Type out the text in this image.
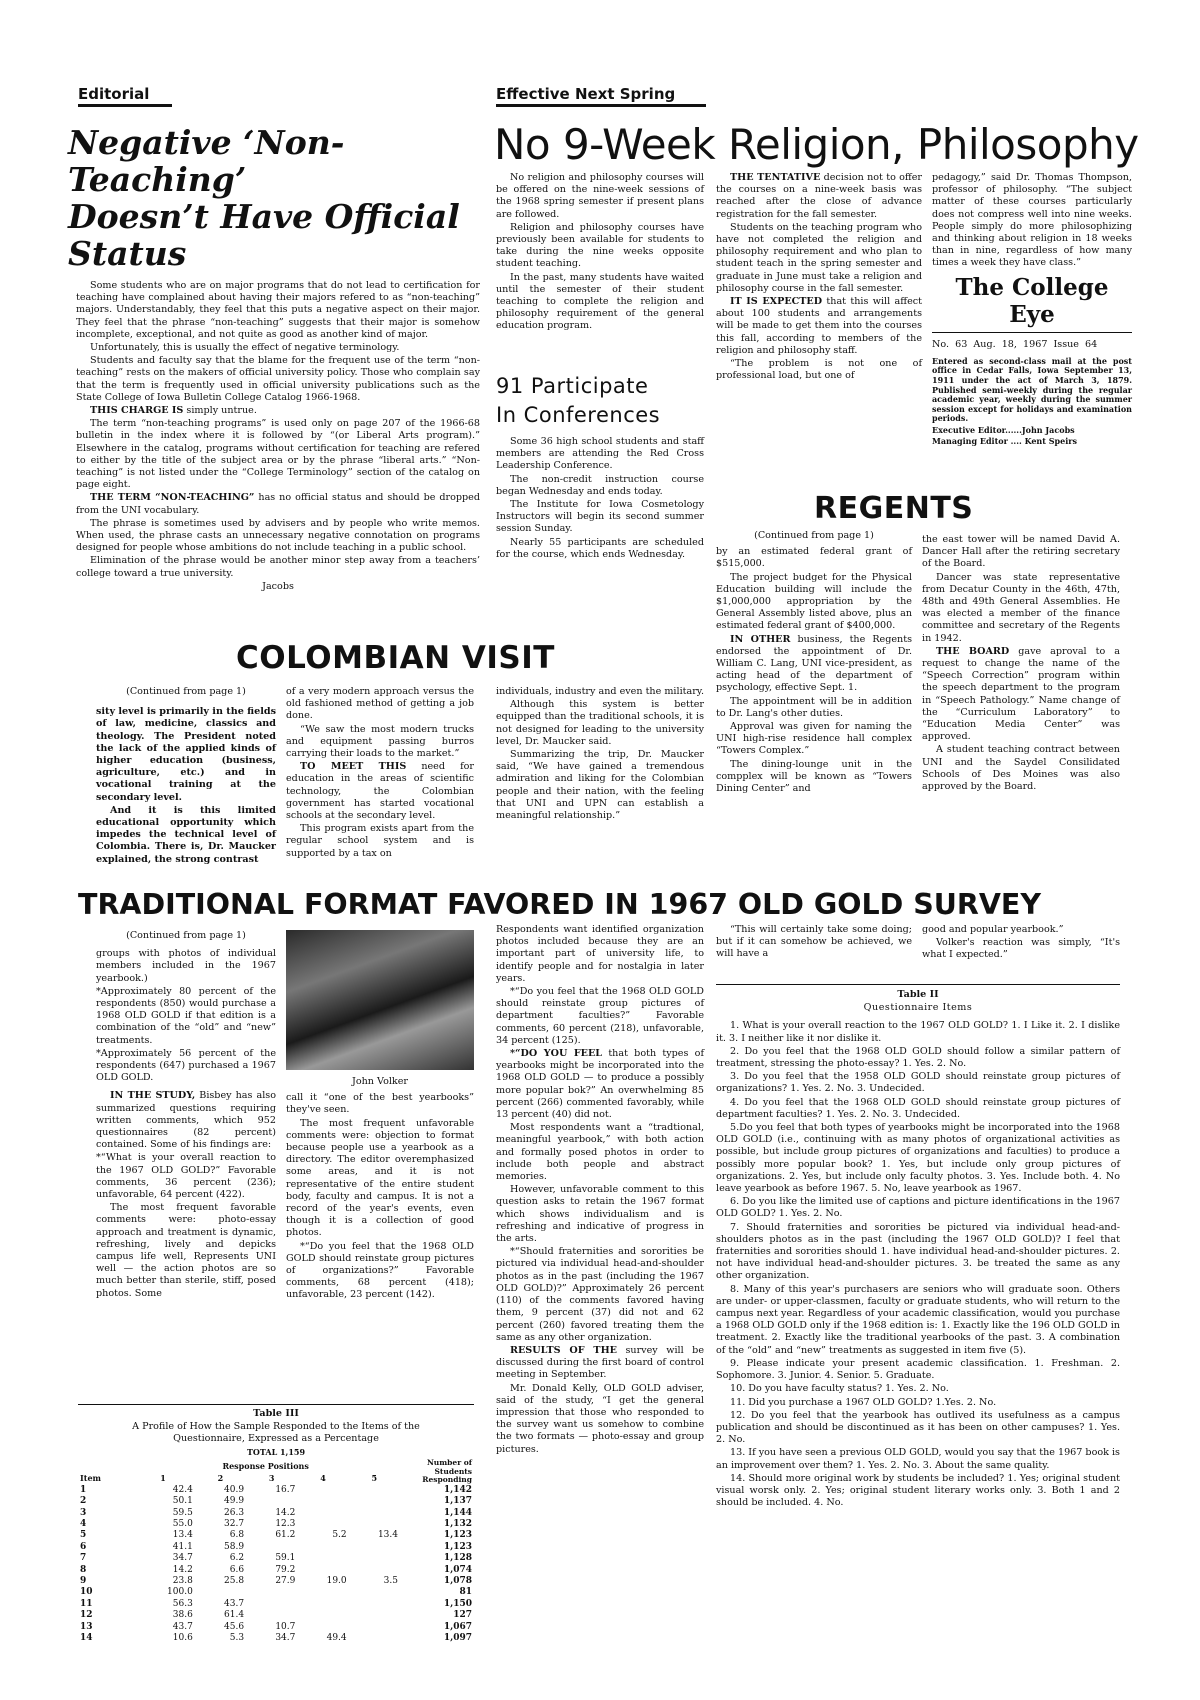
Editorial
Negative ‘Non-Teaching’
Doesn’t Have Official Status

Some students who are on major programs that do not lead to certification for teaching have complained about having their majors refered to as “non-teaching” majors. Understandably, they feel that this puts a negative aspect on their major. They feel that the phrase “non-teaching” suggests that their major is somehow incomplete, exceptional, and not quite as good as another kind of major.

Unfortunately, this is usually the effect of negative terminology.

Students and faculty say that the blame for the frequent use of the term “non-teaching” rests on the makers of official university policy. Those who complain say that the term is frequently used in official university publications such as the State College of Iowa Bulletin College Catalog 1966-1968.

THIS CHARGE IS simply untrue.

The term “non-teaching programs” is used only on page 207 of the 1966-68 bulletin in the index where it is followed by “(or Liberal Arts program).” Elsewhere in the catalog, programs without certification for teaching are refered to either by the title of the subject area or by the phrase “liberal arts.” “Non-teaching” is not listed under the “College Terminology” section of the catalog on page eight.

THE TERM “NON-TEACHING” has no official status and should be dropped from the UNI vocabulary.

The phrase is sometimes used by advisers and by people who write memos. When used, the phrase casts an unnecessary negative connotation on programs designed for people whose ambitions do not include teaching in a public school.

Elimination of the phrase would be another minor step away from a teachers’ college toward a true university.

Jacobs

Effective Next Spring
No 9-Week Religion, Philosophy

No religion and philosophy courses will be offered on the nine-week sessions of the 1968 spring semester if present plans are followed.

Religion and philosophy courses have previously been available for students to take during the nine weeks opposite student teaching.

In the past, many students have waited until the semester of their student teaching to complete the religion and philosophy requirement of the general education program.

THE TENTATIVE decision not to offer the courses on a nine-week basis was reached after the close of advance registration for the fall semester.

Students on the teaching program who have not completed the religion and philosophy requirement and who plan to student teach in the spring semester and graduate in June must take a religion and philosophy course in the fall semester.

IT IS EXPECTED that this will affect about 100 students and arrangements will be made to get them into the courses this fall, according to members of the religion and philosophy staff.

“The problem is not one of professional load, but one of

pedagogy,” said Dr. Thomas Thompson, professor of philosophy. “The subject matter of these courses particularly does not compress well into nine weeks. People simply do more philosophizing and thinking about religion in 18 weeks than in nine, regardless of how many times a week they have class.”

The College Eye

No. 63 Aug. 18, 1967 Issue 64

Entered as second-class mail at the post office in Cedar Falls, Iowa September 13, 1911 under the act of March 3, 1879. Published semi-weekly during the regular academic year, weekly during the summer session except for holidays and examination periods.

Executive Editor......John Jacobs

Managing Editor .... Kent Speirs

91 Participate
In Conferences

Some 36 high school students and staff members are attending the Red Cross Leadership Conference.

The non-credit instruction course began Wednesday and ends today.

The Institute for Iowa Cosmetology Instructors will begin its second summer session Sunday.

Nearly 55 participants are scheduled for the course, which ends Wednesday.

REGENTS

(Continued from page 1)

by an estimated federal grant of $515,000.

The project budget for the Physical Education building will include the $1,000,000 appropriation by the General Assembly listed above, plus an estimated federal grant of $400,000.

IN OTHER business, the Regents endorsed the appointment of Dr. William C. Lang, UNI vice-president, as acting head of the department of psychology, effective Sept. 1.

The appointment will be in addition to Dr. Lang's other duties.

Approval was given for naming the UNI high-rise residence hall complex “Towers Complex.”

The dining-lounge unit in the compplex will be known as “Towers Dining Center” and

the east tower will be named David A. Dancer Hall after the retiring secretary of the Board.

Dancer was state representative from Decatur County in the 46th, 47th, 48th and 49th General Assemblies. He was elected a member of the finance committee and secretary of the Regents in 1942.

THE BOARD gave aproval to a request to change the name of the “Speech Correction” program within the speech department to the program in “Speech Pathology.” Name change of the “Curriculum Laboratory” to “Education Media Center” was approved.

A student teaching contract between UNI and the Saydel Consilidated Schools of Des Moines was also approved by the Board.

COLOMBIAN VISIT

(Continued from page 1)

sity level is primarily in the fields of law, medicine, classics and theology. The President noted the lack of the applied kinds of higher education (business, agriculture, etc.) and in vocational training at the secondary level.

And it is this limited educational opportunity which impedes the technical level of Colombia. There is, Dr. Maucker explained, the strong contrast

of a very modern approach versus the old fashioned method of getting a job done.

“We saw the most modern trucks and equipment passing burros carrying their loads to the market.”

TO MEET THIS need for education in the areas of scientific technology, the Colombian government has started vocational schools at the secondary level.

This program exists apart from the regular school system and is supported by a tax on

individuals, industry and even the military.

Although this system is better equipped than the traditional schools, it is not designed for leading to the university level, Dr. Maucker said.

Summarizing the trip, Dr. Maucker said, “We have gained a tremendous admiration and liking for the Colombian people and their nation, with the feeling that UNI and UPN can establish a meaningful relationship.”

TRADITIONAL FORMAT FAVORED IN 1967 OLD GOLD SURVEY

(Continued from page 1)

groups with photos of individual members included in the 1967 yearbook.)

*Approximately 80 percent of the respondents (850) would purchase a 1968 OLD GOLD if that edition is a combination of the “old” and “new” treatments.

*Approximately 56 percent of the respondents (647) purchased a 1967 OLD GOLD.

IN THE STUDY, Bisbey has also summarized questions requiring written comments, which 952 questionnaires (82 percent) contained. Some of his findings are:

*“What is your overall reaction to the 1967 OLD GOLD?” Favorable comments, 36 percent (236); unfavorable, 64 percent (422).

The most frequent favorable comments were: photo-essay approach and treatment is dynamic, refreshing, lively and depicks campus life well, Represents UNI well — the action photos are so much better than sterile, stiff, posed photos. Some

John Volker

call it “one of the best yearbooks” they've seen.

The most frequent unfavorable comments were: objection to format because people use a yearbook as a directory. The editor overemphasized some areas, and it is not representative of the entire student body, faculty and campus. It is not a record of the year's events, even though it is a collection of good photos.

*“Do you feel that the 1968 OLD GOLD should reinstate group pictures of organizations?” Favorable comments, 68 percent (418); unfavorable, 23 percent (142).

Respondents want identified organization photos included because they are an important part of university life, to identify people and for nostalgia in later years.

*“Do you feel that the 1968 OLD GOLD should reinstate group pictures of department faculties?” Favorable comments, 60 percent (218), unfavorable, 34 percent (125).

*“DO YOU FEEL that both types of yearbooks might be incorporated into the 1968 OLD GOLD — to produce a possibly more popular bok?” An overwhelming 85 percent (266) commented favorably, while 13 percent (40) did not.

Most respondents want a “tradtional, meaningful yearbook,” with both action and formally posed photos in order to include both people and abstract memories.

However, unfavorable comment to this question asks to retain the 1967 format which shows individualism and is refreshing and indicative of progress in the arts.

*“Should fraternities and sororities be pictured via individual head-and-shoulder photos as in the past (including the 1967 OLD GOLD)?” Approximately 26 percent (110) of the comments favored having them, 9 percent (37) did not and 62 percent (260) favored treating them the same as any other organization.

RESULTS OF THE survey will be discussed during the first board of control meeting in September.

Mr. Donald Kelly, OLD GOLD adviser, said of the study, “I get the general impression that those who responded to the survey want us somehow to combine the two formats — photo-essay and group pictures.

“This will certainly take some doing; but if it can somehow be achieved, we will have a

good and popular yearbook.”

Volker's reaction was simply, “It's what I expected.”

Table II

Questionnaire Items

1. What is your overall reaction to the 1967 OLD GOLD? 1. I Like it. 2. I dislike it. 3. I neither like it nor dislike it.

2. Do you feel that the 1968 OLD GOLD should follow a similar pattern of treatment, stressing the photo-essay? 1. Yes. 2. No.

3. Do you feel that the 1958 OLD GOLD should reinstate group pictures of organizations? 1. Yes. 2. No. 3. Undecided.

4. Do you feel that the 1968 OLD GOLD should reinstate group pictures of department faculties? 1. Yes. 2. No. 3. Undecided.

5.Do you feel that both types of yearbooks might be incorporated into the 1968 OLD GOLD (i.e., continuing with as many photos of organizational activities as possible, but include group pictures of organizations and faculties) to produce a possibly more popular book? 1. Yes, but include only group pictures of organizations. 2. Yes, but include only faculty photos. 3. Yes. Include both. 4. No leave yearbook as before 1967. 5. No, leave yearbook as 1967.

6. Do you like the limited use of captions and picture identifications in the 1967 OLD GOLD? 1. Yes. 2. No.

7. Should fraternities and sororities be pictured via individual head-and-shoulders photos as in the past (including the 1967 OLD GOLD)? I feel that fraternities and sororities should 1. have individual head-and-shoulder pictures. 2. not have individual head-and-shoulder pictures. 3. be treated the same as any other organization.

8. Many of this year's purchasers are seniors who will graduate soon. Others are under- or upper-classmen, faculty or graduate students, who will return to the campus next year. Regardless of your academic classification, would you purchase a 1968 OLD GOLD only if the 1968 edition is: 1. Exactly like the 196 OLD GOLD in treatment. 2. Exactly like the traditional yearbooks of the past. 3. A combination of the “old” and “new” treatments as suggested in item five (5).

9. Please indicate your present academic classification. 1. Freshman. 2. Sophomore. 3. Junior. 4. Senior. 5. Graduate.

10. Do you have faculty status? 1. Yes. 2. No.

11. Did you purchase a 1967 OLD GOLD? 1.Yes. 2. No.

12. Do you feel that the yearbook has outlived its usefulness as a campus publication and should be discontinued as it has been on other campuses? 1. Yes. 2. No.

13. If you have seen a previous OLD GOLD, would you say that the 1967 book is an improvement over them? 1. Yes. 2. No. 3. About the same quality.

14. Should more original work by students be included? 1. Yes; original student visual worsk only. 2. Yes; original student literary works only. 3. Both 1 and 2 should be included. 4. No.

Table III

A Profile of How the Sample Responded to the Items of the Questionnaire, Expressed as a Percentage

TOTAL 1,159

	Response Positions					Number of Students Responding
Item	1	2	3	4	5	
1	42.4	40.9	16.7			1,142
2	50.1	49.9				1,137
3	59.5	26.3	14.2			1,144
4	55.0	32.7	12.3			1,132
5	13.4	6.8	61.2	5.2	13.4	1,123
6	41.1	58.9				1,123
7	34.7	6.2	59.1			1,128
8	14.2	6.6	79.2			1,074
9	23.8	25.8	27.9	19.0	3.5	1,078
10	100.0					81
11	56.3	43.7				1,150
12	38.6	61.4				127
13	43.7	45.6	10.7			1,067
14	10.6	5.3	34.7	49.4		1,097
